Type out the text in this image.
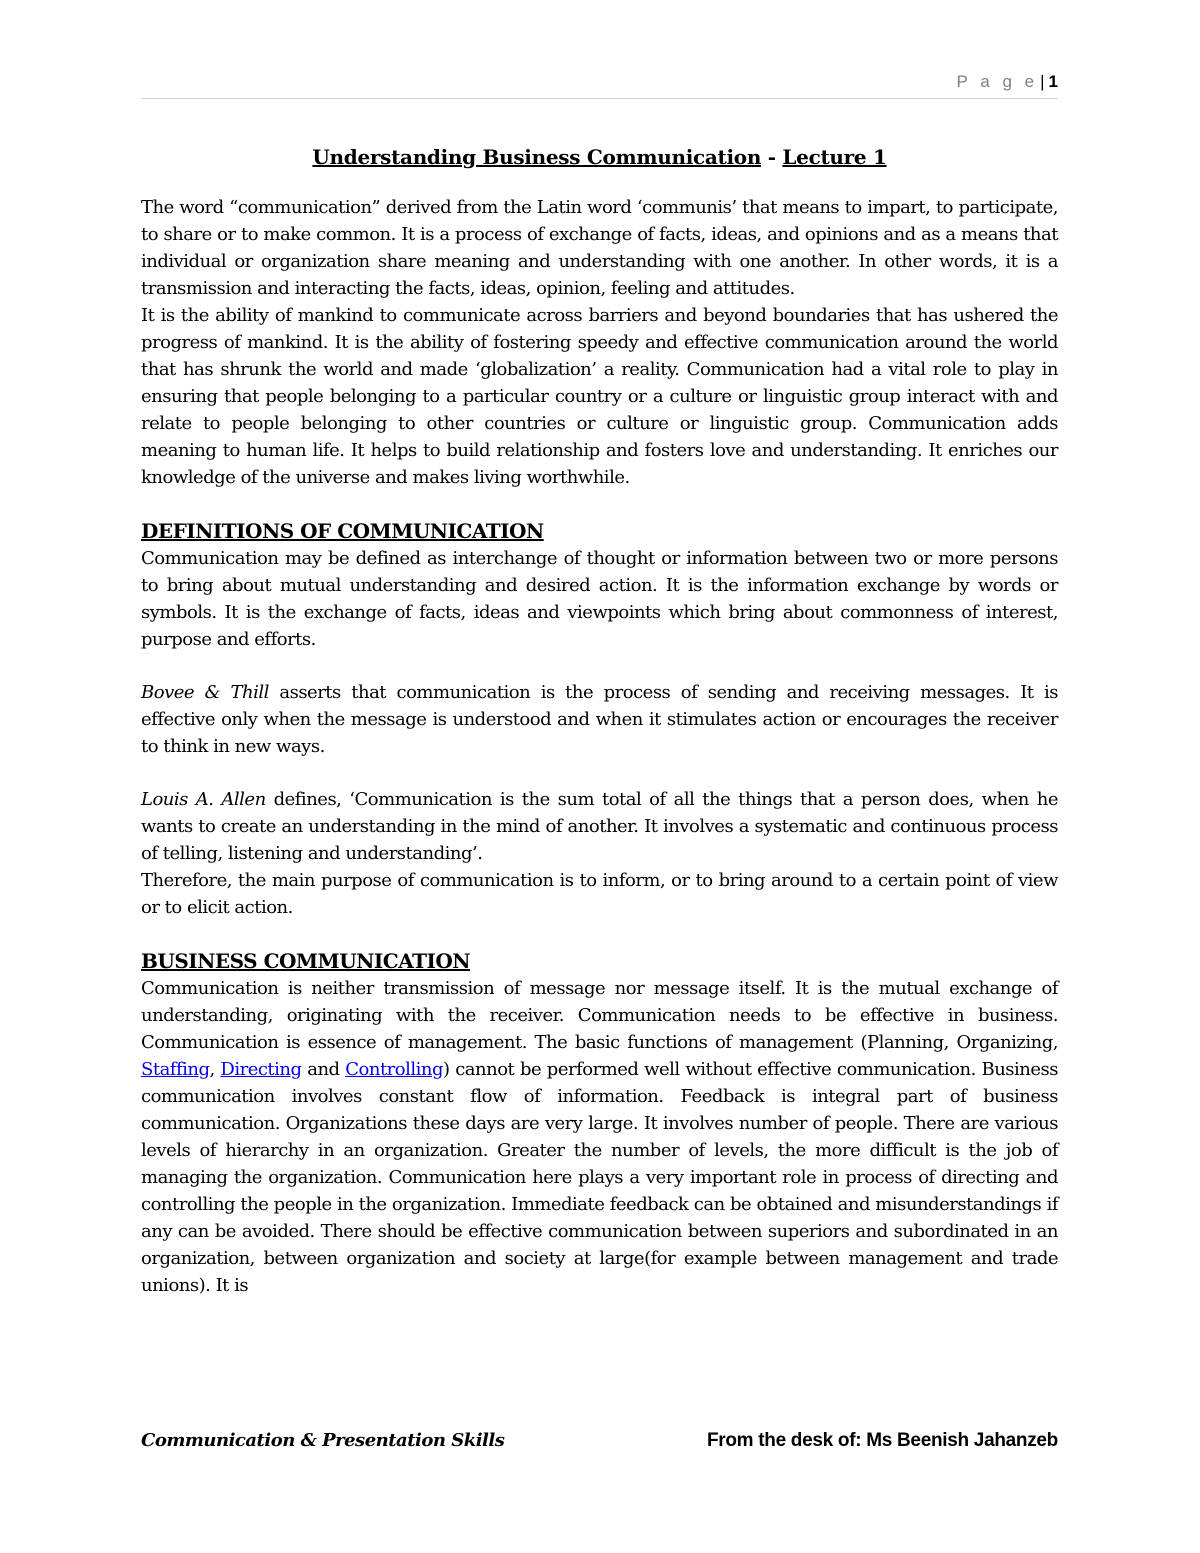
P a g e | 1
Understanding Business Communication - Lecture 1

The word “communication” derived from the Latin word ‘communis’ that means to impart, to participate, to share or to make common. It is a process of exchange of facts, ideas, and opinions and as a means that individual or organization share meaning and understanding with one another. In other words, it is a transmission and interacting the facts, ideas, opinion, feeling and attitudes.

It is the ability of mankind to communicate across barriers and beyond boundaries that has ushered the progress of mankind. It is the ability of fostering speedy and effective communication around the world that has shrunk the world and made ‘globalization’ a reality. Communication had a vital role to play in ensuring that people belonging to a particular country or a culture or linguistic group interact with and relate to people belonging to other countries or culture or linguistic group. Communication adds meaning to human life. It helps to build relationship and fosters love and understanding. It enriches our knowledge of the universe and makes living worthwhile.

DEFINITIONS OF COMMUNICATION

Communication may be defined as interchange of thought or information between two or more persons to bring about mutual understanding and desired action. It is the information exchange by words or symbols. It is the exchange of facts, ideas and viewpoints which bring about commonness of interest, purpose and efforts.

Bovee & Thill asserts that communication is the process of sending and receiving messages. It is effective only when the message is understood and when it stimulates action or encourages the receiver to think in new ways.

Louis A. Allen defines, ‘Communication is the sum total of all the things that a person does, when he wants to create an understanding in the mind of another. It involves a systematic and continuous process of telling, listening and understanding’.

Therefore, the main purpose of communication is to inform, or to bring around to a certain point of view or to elicit action.

BUSINESS COMMUNICATION

Communication is neither transmission of message nor message itself. It is the mutual exchange of understanding, originating with the receiver. Communication needs to be effective in business. Communication is essence of management. The basic functions of management (Planning, Organizing, Staffing, Directing and Controlling) cannot be performed well without effective communication. Business communication involves constant flow of information. Feedback is integral part of business communication. Organizations these days are very large. It involves number of people. There are various levels of hierarchy in an organization. Greater the number of levels, the more difficult is the job of managing the organization. Communication here plays a very important role in process of directing and controlling the people in the organization. Immediate feedback can be obtained and misunderstandings if any can be avoided. There should be effective communication between superiors and subordinated in an organization, between organization and society at large(for example between management and trade unions). It is

Communication & Presentation Skills	From the desk of: Ms Beenish Jahanzeb
